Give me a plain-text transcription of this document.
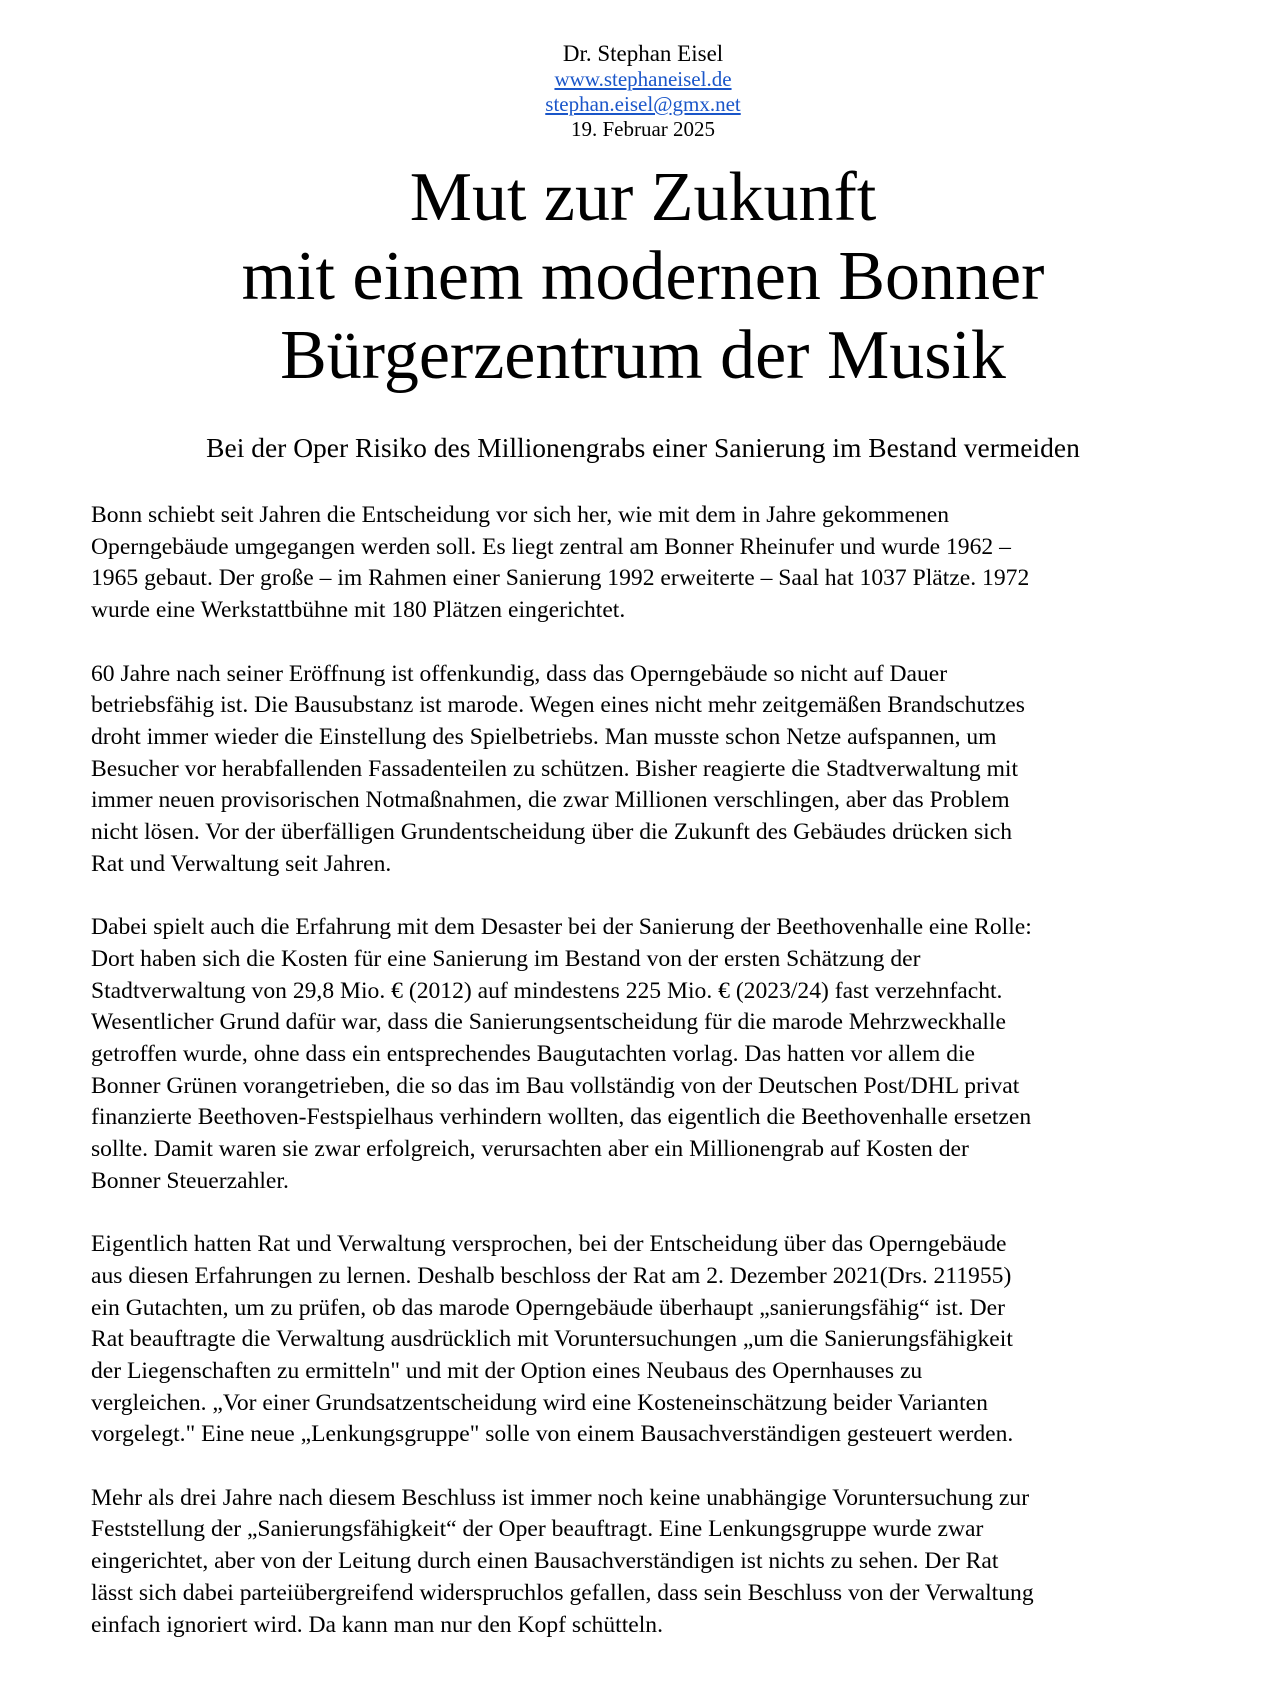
Dr. Stephan Eisel
www.stephaneisel.de
stephan.eisel@gmx.net
19. Februar 2025
Mut zur Zukunft
mit einem modernen Bonner
Bürgerzentrum der Musik
Bei der Oper Risiko des Millionengrabs einer Sanierung im Bestand vermeiden

Bonn schiebt seit Jahren die Entscheidung vor sich her, wie mit dem in Jahre gekommenen
Operngebäude umgegangen werden soll. Es liegt zentral am Bonner Rheinufer und wurde 1962 –
1965 gebaut. Der große – im Rahmen einer Sanierung 1992 erweiterte – Saal hat 1037 Plätze. 1972
wurde eine Werkstattbühne mit 180 Plätzen eingerichtet.

60 Jahre nach seiner Eröffnung ist offenkundig, dass das Operngebäude so nicht auf Dauer
betriebsfähig ist. Die Bausubstanz ist marode. Wegen eines nicht mehr zeitgemäßen Brandschutzes
droht immer wieder die Einstellung des Spielbetriebs. Man musste schon Netze aufspannen, um
Besucher vor herabfallenden Fassadenteilen zu schützen. Bisher reagierte die Stadtverwaltung mit
immer neuen provisorischen Notmaßnahmen, die zwar Millionen verschlingen, aber das Problem
nicht lösen. Vor der überfälligen Grundentscheidung über die Zukunft des Gebäudes drücken sich
Rat und Verwaltung seit Jahren.

Dabei spielt auch die Erfahrung mit dem Desaster bei der Sanierung der Beethovenhalle eine Rolle:
Dort haben sich die Kosten für eine Sanierung im Bestand von der ersten Schätzung der
Stadtverwaltung von 29,8 Mio. € (2012) auf mindestens 225 Mio. € (2023/24) fast verzehnfacht.
Wesentlicher Grund dafür war, dass die Sanierungsentscheidung für die marode Mehrzweckhalle
getroffen wurde, ohne dass ein entsprechendes Baugutachten vorlag. Das hatten vor allem die
Bonner Grünen vorangetrieben, die so das im Bau vollständig von der Deutschen Post/DHL privat
finanzierte Beethoven-Festspielhaus verhindern wollten, das eigentlich die Beethovenhalle ersetzen
sollte. Damit waren sie zwar erfolgreich, verursachten aber ein Millionengrab auf Kosten der
Bonner Steuerzahler.

Eigentlich hatten Rat und Verwaltung versprochen, bei der Entscheidung über das Operngebäude
aus diesen Erfahrungen zu lernen. Deshalb beschloss der Rat am 2. Dezember 2021(Drs. 211955)
ein Gutachten, um zu prüfen, ob das marode Operngebäude überhaupt „sanierungsfähig“ ist. Der
Rat beauftragte die Verwaltung ausdrücklich mit Voruntersuchungen „um die Sanierungsfähigkeit
der Liegenschaften zu ermitteln" und mit der Option eines Neubaus des Opernhauses zu
vergleichen. „Vor einer Grundsatzentscheidung wird eine Kosteneinschätzung beider Varianten
vorgelegt." Eine neue „Lenkungsgruppe" solle von einem Bausachverständigen gesteuert werden.

Mehr als drei Jahre nach diesem Beschluss ist immer noch keine unabhängige Voruntersuchung zur
Feststellung der „Sanierungsfähigkeit“ der Oper beauftragt. Eine Lenkungsgruppe wurde zwar
eingerichtet, aber von der Leitung durch einen Bausachverständigen ist nichts zu sehen. Der Rat
lässt sich dabei parteiübergreifend widerspruchlos gefallen, dass sein Beschluss von der Verwaltung
einfach ignoriert wird. Da kann man nur den Kopf schütteln.
